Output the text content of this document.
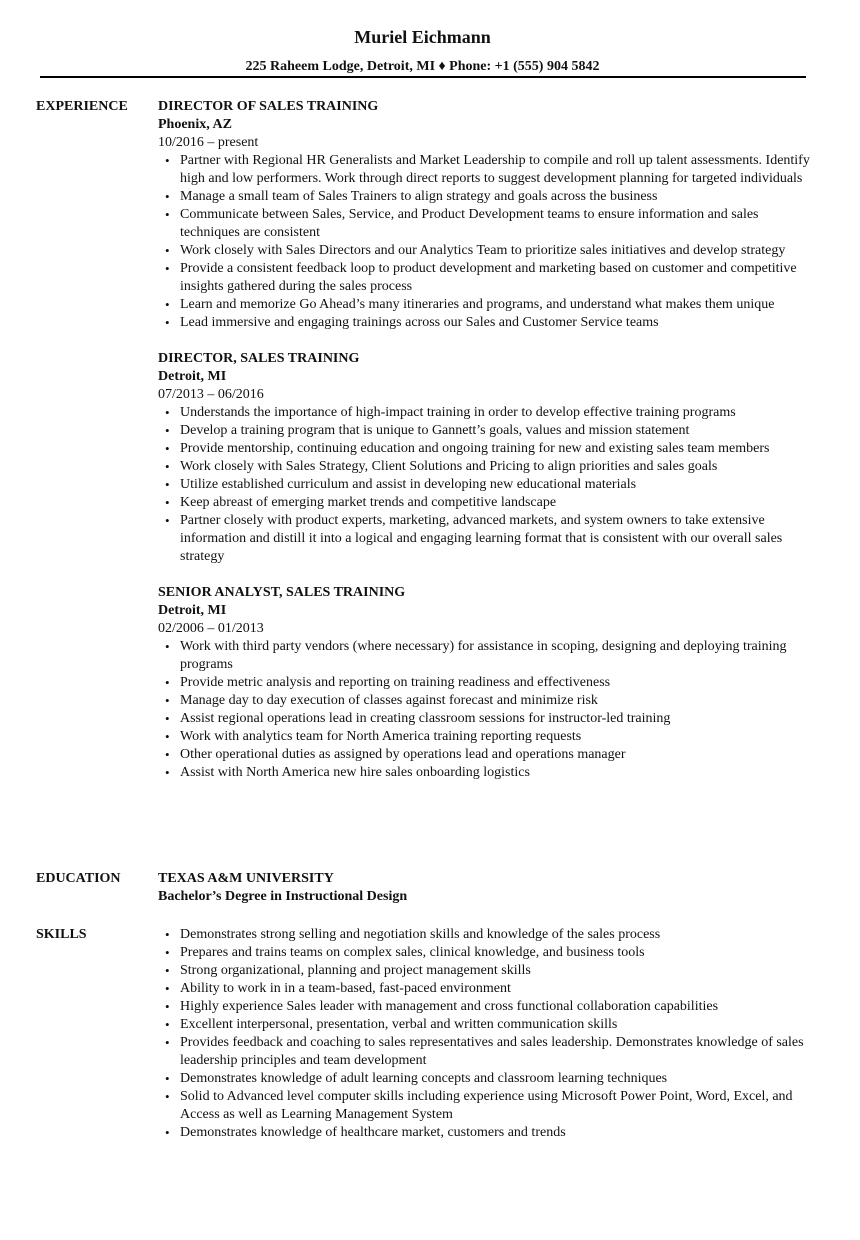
Muriel Eichmann
225 Raheem Lodge, Detroit, MI ♦ Phone: +1 (555) 904 5842
EXPERIENCE DIRECTOR OF SALES TRAINING
Phoenix, AZ
10/2016 – present
• Partner with Regional HR Generalists and Market Leadership to compile and roll up talent assessments. Identify high and low performers. Work through direct reports to suggest development planning for targeted individuals
• Manage a small team of Sales Trainers to align strategy and goals across the business
• Communicate between Sales, Service, and Product Development teams to ensure information and sales techniques are consistent
• Work closely with Sales Directors and our Analytics Team to prioritize sales initiatives and develop strategy
• Provide a consistent feedback loop to product development and marketing based on customer and competitive insights gathered during the sales process
• Learn and memorize Go Ahead’s many itineraries and programs, and understand what makes them unique
• Lead immersive and engaging trainings across our Sales and Customer Service teams
DIRECTOR, SALES TRAINING
Detroit, MI
07/2013 – 06/2016
• Understands the importance of high-impact training in order to develop effective training programs
• Develop a training program that is unique to Gannett’s goals, values and mission statement
• Provide mentorship, continuing education and ongoing training for new and existing sales team members
• Work closely with Sales Strategy, Client Solutions and Pricing to align priorities and sales goals
• Utilize established curriculum and assist in developing new educational materials
• Keep abreast of emerging market trends and competitive landscape
• Partner closely with product experts, marketing, advanced markets, and system owners to take extensive information and distill it into a logical and engaging learning format that is consistent with our overall sales strategy
SENIOR ANALYST, SALES TRAINING
Detroit, MI
02/2006 – 01/2013
• Work with third party vendors (where necessary) for assistance in scoping, designing and deploying training programs
• Provide metric analysis and reporting on training readiness and effectiveness
• Manage day to day execution of classes against forecast and minimize risk
• Assist regional operations lead in creating classroom sessions for instructor-led training
• Work with analytics team for North America training reporting requests
• Other operational duties as assigned by operations lead and operations manager
• Assist with North America new hire sales onboarding logistics
EDUCATION	TEXAS A&M UNIVERSITY
Bachelor’s Degree in Instructional Design
SKILLS	• Demonstrates strong selling and negotiation skills and knowledge of the sales process
• Prepares and trains teams on complex sales, clinical knowledge, and business tools
• Strong organizational, planning and project management skills
• Ability to work in in a team-based, fast-paced environment
• Highly experience Sales leader with management and cross functional collaboration capabilities
• Excellent interpersonal, presentation, verbal and written communication skills
• Provides feedback and coaching to sales representatives and sales leadership. Demonstrates knowledge of sales leadership principles and team development
• Demonstrates knowledge of adult learning concepts and classroom learning techniques
• Solid to Advanced level computer skills including experience using Microsoft Power Point, Word, Excel, and Access as well as Learning Management System
• Demonstrates knowledge of healthcare market, customers and trends
